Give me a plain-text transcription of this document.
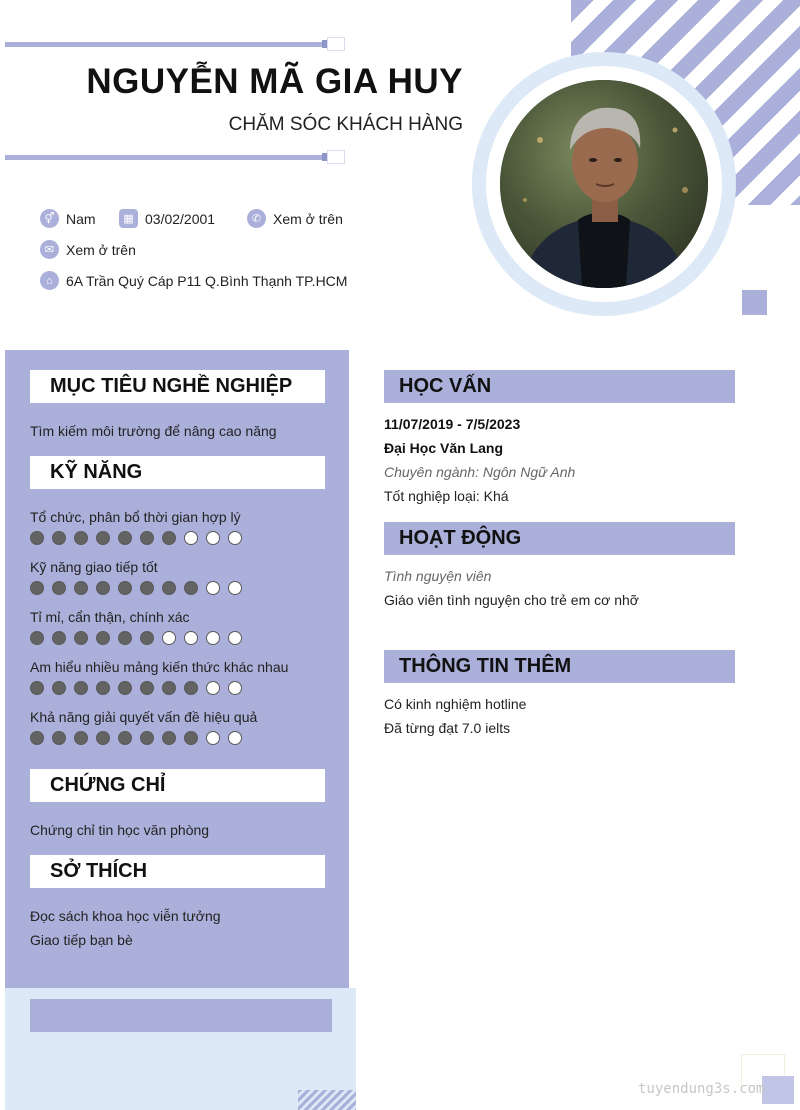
NGUYỄN MÃ GIA HUY
CHĂM SÓC KHÁCH HÀNG
⚥ Nam	▦ 03/02/2001	✆ Xem ở trên
✉ Xem ở trên
⌂ 6A Trần Quý Cáp P11 Q.Bình Thạnh TP.HCM
MỤC TIÊU NGHỀ NGHIỆP
Tìm kiếm môi trường để nâng cao năng
KỸ NĂNG
Tổ chức, phân bổ thời gian hợp lý
Kỹ năng giao tiếp tốt
Tỉ mỉ, cẩn thận, chính xác
Am hiểu nhiều mảng kiến thức khác nhau
Khả năng giải quyết vấn đề hiệu quả
CHỨNG CHỈ
Chứng chỉ tin học văn phòng
SỞ THÍCH
Đọc sách khoa học viễn tưởng
Giao tiếp bạn bè
HỌC VẤN
11/07/2019 - 7/5/2023
Đại Học Văn Lang
Chuyên ngành: Ngôn Ngữ Anh
Tốt nghiệp loại: Khá
HOẠT ĐỘNG
Tình nguyện viên
Giáo viên tình nguyện cho trẻ em cơ nhỡ
THÔNG TIN THÊM
Có kinh nghiệm hotline
Đã từng đạt 7.0 ielts
tuyendung3s.com
